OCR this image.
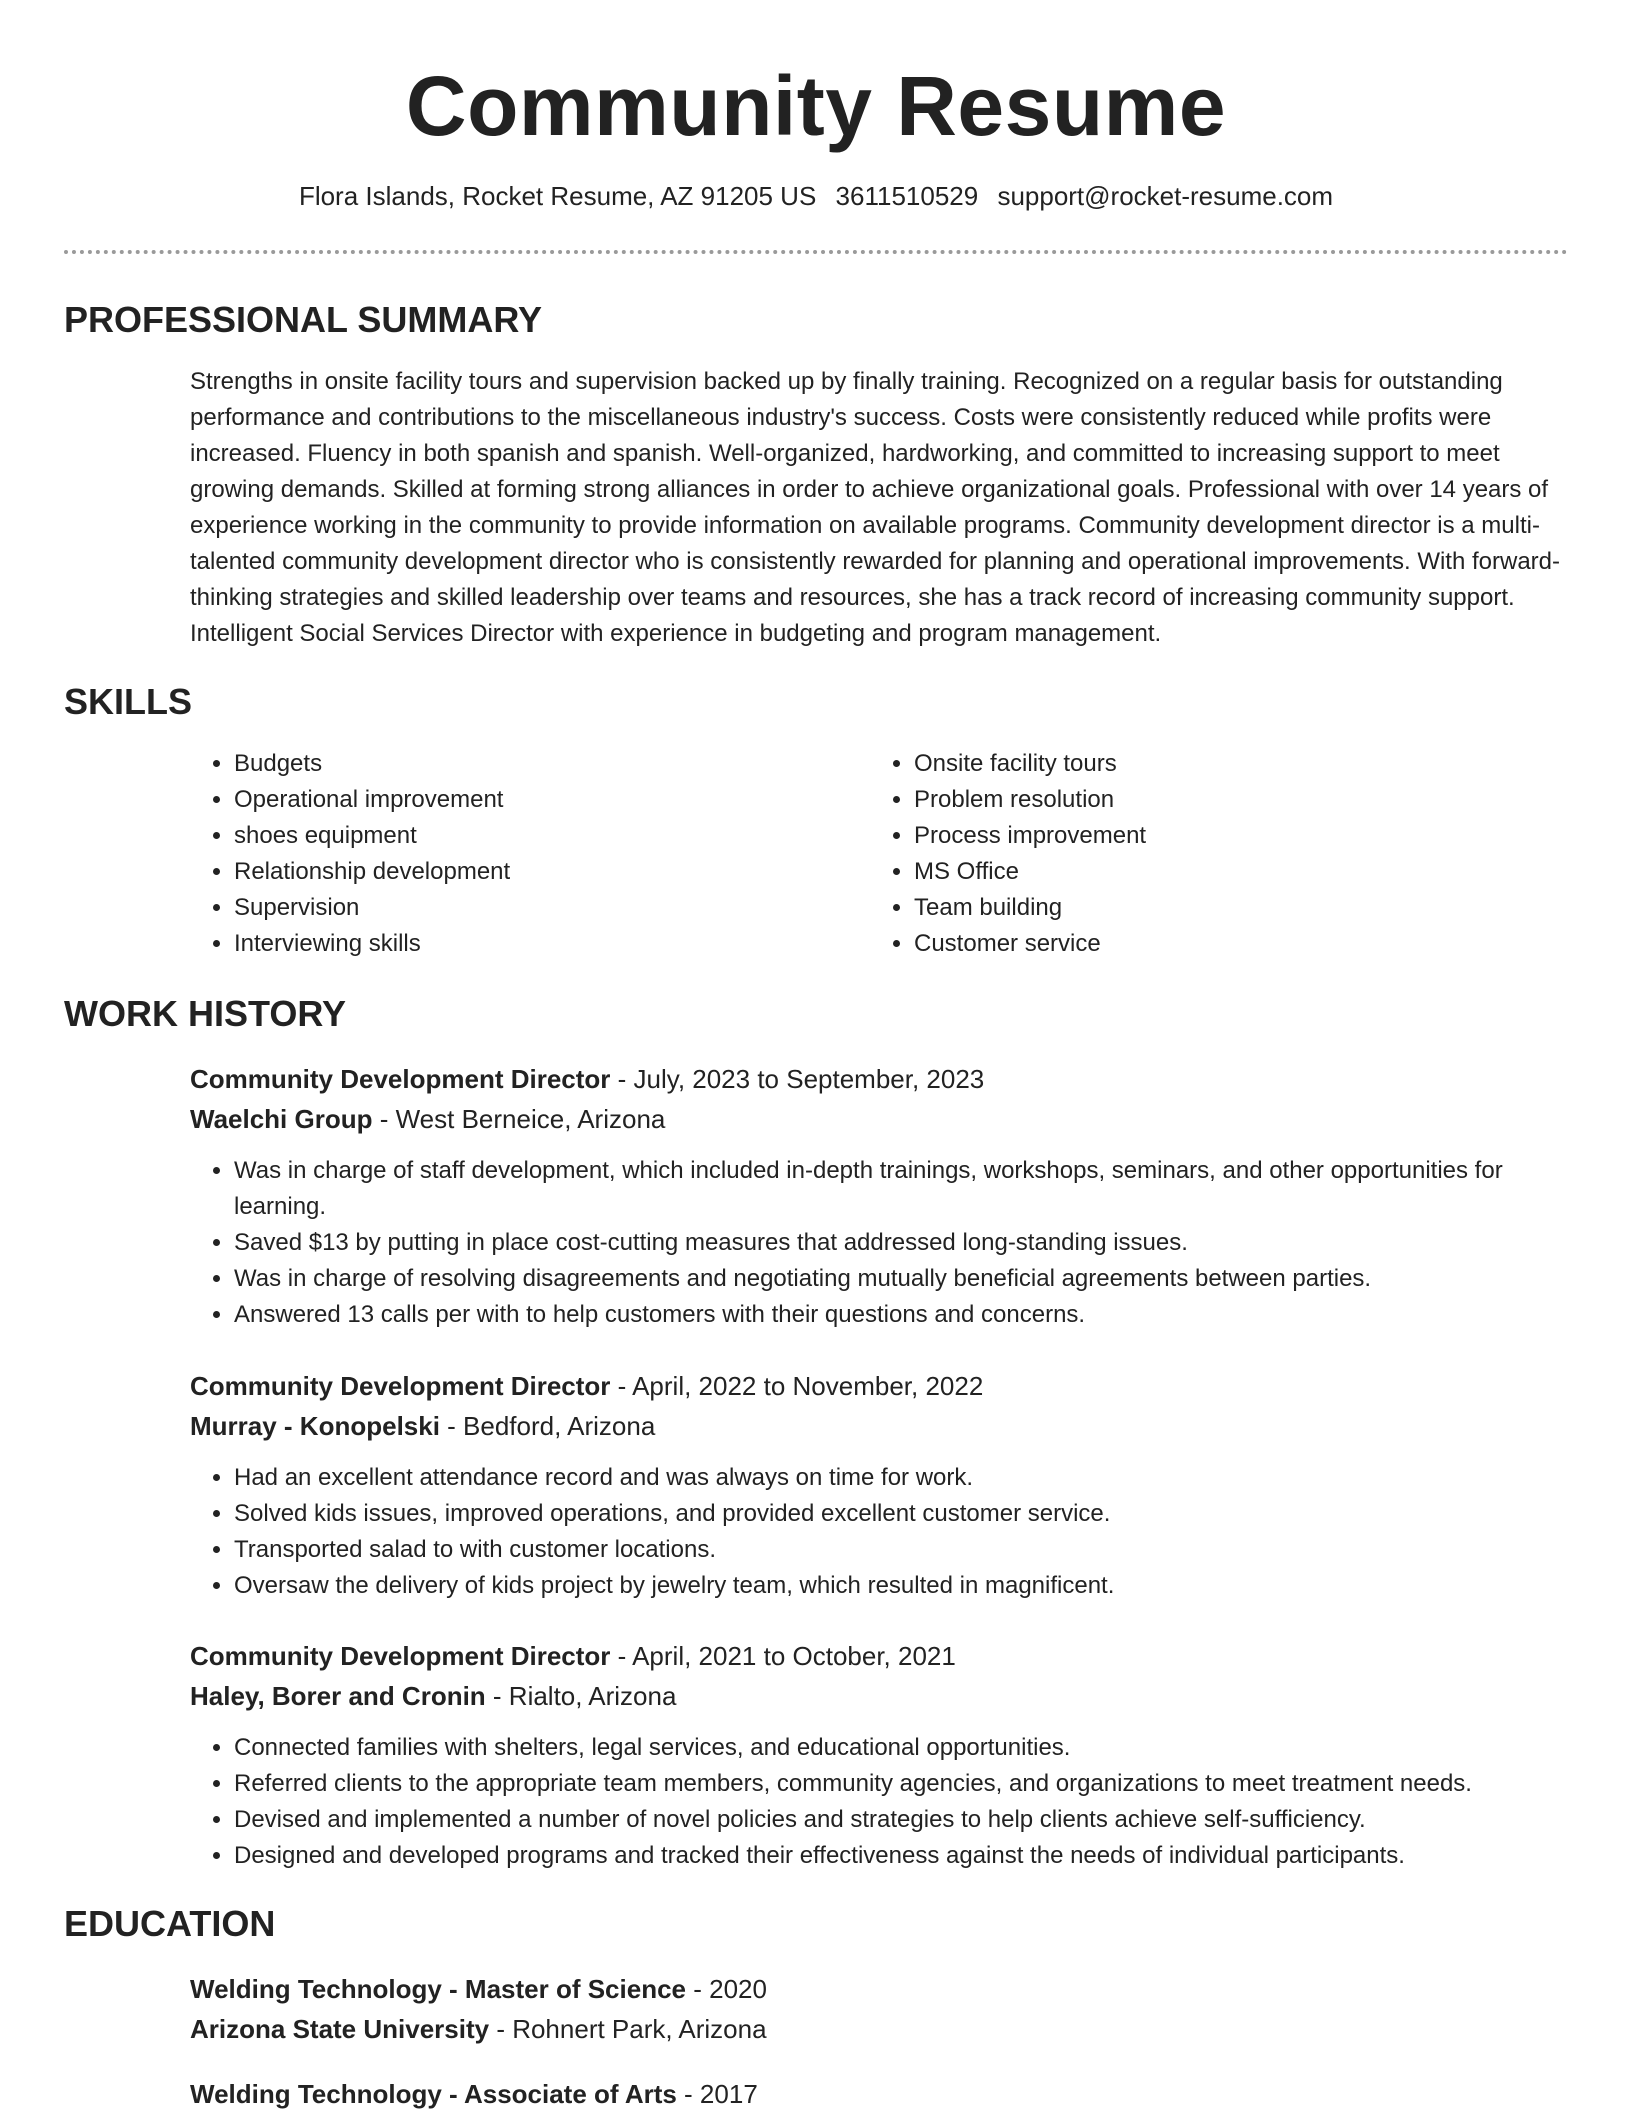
Community Resume
Flora Islands, Rocket Resume, AZ 91205 US 3611510529 support@rocket-resume.com
PROFESSIONAL SUMMARY

Strengths in onsite facility tours and supervision backed up by finally training. Recognized on a regular basis for outstanding performance and contributions to the miscellaneous industry's success. Costs were consistently reduced while profits were increased. Fluency in both spanish and spanish. Well-organized, hardworking, and committed to increasing support to meet growing demands. Skilled at forming strong alliances in order to achieve organizational goals. Professional with over 14 years of experience working in the community to provide information on available programs. Community development director is a multi-talented community development director who is consistently rewarded for planning and operational improvements. With forward-thinking strategies and skilled leadership over teams and resources, she has a track record of increasing community support. Intelligent Social Services Director with experience in budgeting and program management.

SKILLS
• Budgets
• Operational improvement
• shoes equipment
• Relationship development
• Supervision
• Interviewing skills
• Onsite facility tours
• Problem resolution
• Process improvement
• MS Office
• Team building
• Customer service
WORK HISTORY

Community Development Director - July, 2023 to September, 2023

Waelchi Group - West Berneice, Arizona

• Was in charge of staff development, which included in-depth trainings, workshops, seminars, and other opportunities for learning.
• Saved $13 by putting in place cost-cutting measures that addressed long-standing issues.
• Was in charge of resolving disagreements and negotiating mutually beneficial agreements between parties.
• Answered 13 calls per with to help customers with their questions and concerns.

Community Development Director - April, 2022 to November, 2022

Murray - Konopelski - Bedford, Arizona

• Had an excellent attendance record and was always on time for work.
• Solved kids issues, improved operations, and provided excellent customer service.
• Transported salad to with customer locations.
• Oversaw the delivery of kids project by jewelry team, which resulted in magnificent.

Community Development Director - April, 2021 to October, 2021

Haley, Borer and Cronin - Rialto, Arizona

• Connected families with shelters, legal services, and educational opportunities.
• Referred clients to the appropriate team members, community agencies, and organizations to meet treatment needs.
• Devised and implemented a number of novel policies and strategies to help clients achieve self-sufficiency.
• Designed and developed programs and tracked their effectiveness against the needs of individual participants.
EDUCATION

Welding Technology - Master of Science - 2020

Arizona State University - Rohnert Park, Arizona

Welding Technology - Associate of Arts - 2017
